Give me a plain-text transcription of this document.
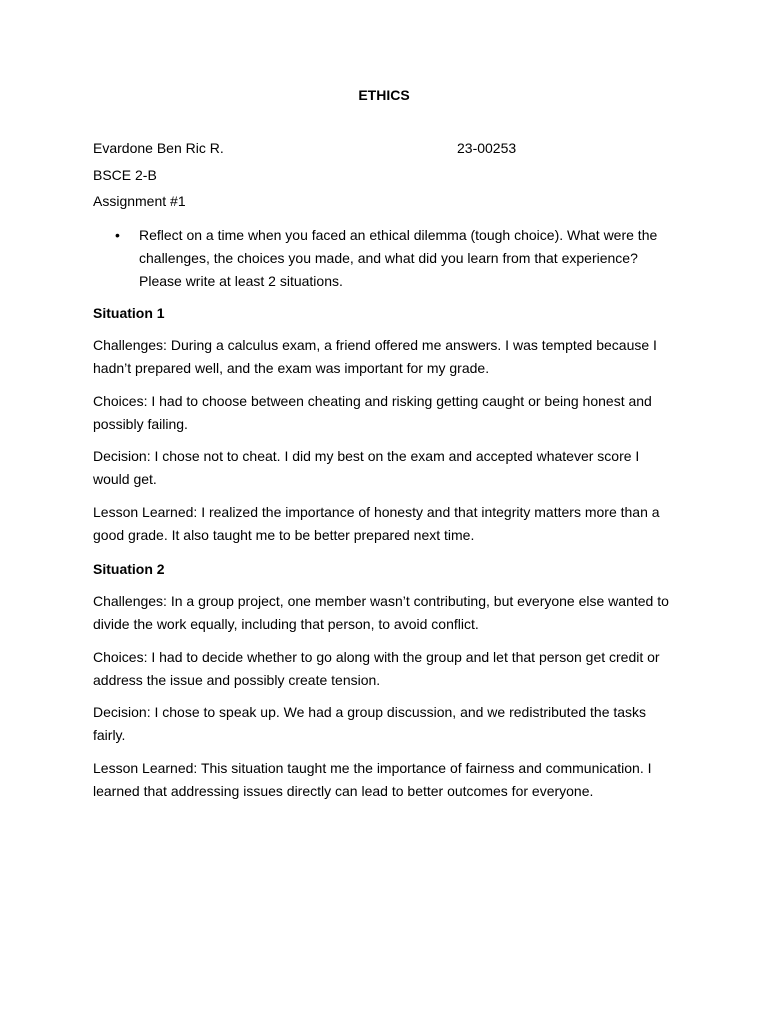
ETHICS
Evardone Ben Ric R.	23-00253
BSCE 2-B
Assignment #1
• Reflect on a time when you faced an ethical dilemma (tough choice). What were the challenges, the choices you made, and what did you learn from that experience? Please write at least 2 situations.
Situation 1
Challenges: During a calculus exam, a friend offered me answers. I was tempted because I hadn’t prepared well, and the exam was important for my grade.
Choices: I had to choose between cheating and risking getting caught or being honest and possibly failing.
Decision: I chose not to cheat. I did my best on the exam and accepted whatever score I would get.
Lesson Learned: I realized the importance of honesty and that integrity matters more than a good grade. It also taught me to be better prepared next time.
Situation 2
Challenges: In a group project, one member wasn’t contributing, but everyone else wanted to divide the work equally, including that person, to avoid conflict.
Choices: I had to decide whether to go along with the group and let that person get credit or address the issue and possibly create tension.
Decision: I chose to speak up. We had a group discussion, and we redistributed the tasks fairly.
Lesson Learned: This situation taught me the importance of fairness and communication. I learned that addressing issues directly can lead to better outcomes for everyone.
